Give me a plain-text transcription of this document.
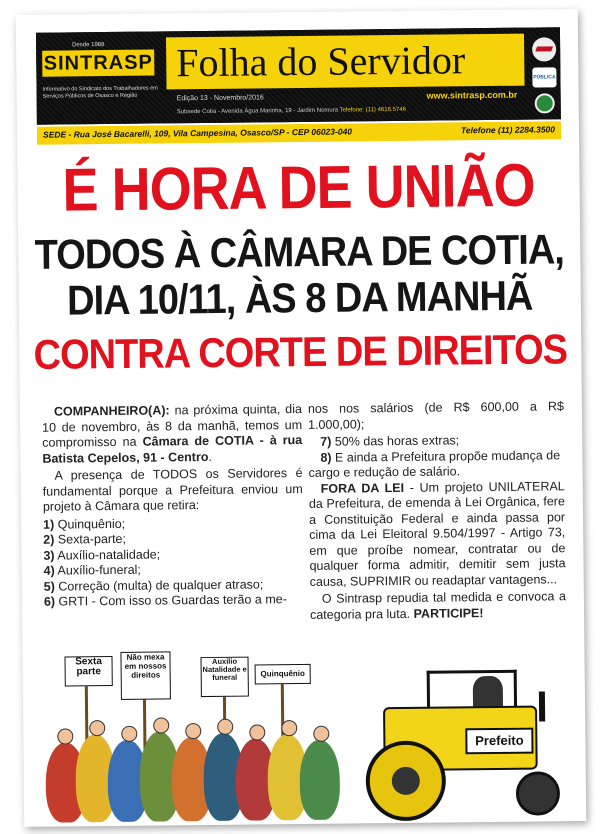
Desde 1988
SINTRASP
Informativo do Sindicato dos Trabalhadores em Serviços Públicos de Osasco e Região
Folha do Servidor
Edição 13 - Novembro/2016	www.sintrasp.com.br
Subsede Cotia - Avenida Água Marinha, 19 - Jardim Nomura Telefone: (11) 4616.5746
PÚBLICA
SEDE - Rua José Bacarelli, 109, Vila Campesina, Osasco/SP - CEP 06023-040	Telefone (11) 2284.3500
É HORA DE UNIÃO
TODOS À CÂMARA DE COTIA,
DIA 10/11, ÀS 8 DA MANHÃ
CONTRA CORTE DE DIREITOS

COMPANHEIRO(A): na próxima quinta, dia 10 de novembro, às 8 da manhã, temos um compromisso na Câmara de COTIA - à rua Batista Cepelos, 91 - Centro.

A presença de TODOS os Servidores é fundamental porque a Prefeitura enviou um projeto à Câmara que retira:

1) Quinquênio;
2) Sexta-parte;
3) Auxílio-natalidade;
4) Auxílio-funeral;
5) Correção (multa) de qualquer atraso;
6) GRTI - Com isso os Guardas terão a me-

nos nos salários (de R$ 600,00 a R$ 1.000,00);

7) 50% das horas extras;
8) E ainda a Prefeitura propõe mudança de cargo e redução de salário.

FORA DA LEI - Um projeto UNILATERAL da Prefeitura, de emenda à Lei Orgânica, fere a Constituição Federal e ainda passa por cima da Lei Eleitoral 9.504/1997 - Artigo 73, em que proíbe nomear, contratar ou de qualquer forma admitir, demitir sem justa causa, SUPRIMIR ou readaptar vantagens...

O Sintrasp repudia tal medida e convoca a categoria pra luta. PARTICIPE!

Sexta parte
Não mexa em nossos direitos
Auxílio Natalidade e funeral	Quinquênio
Prefeito
